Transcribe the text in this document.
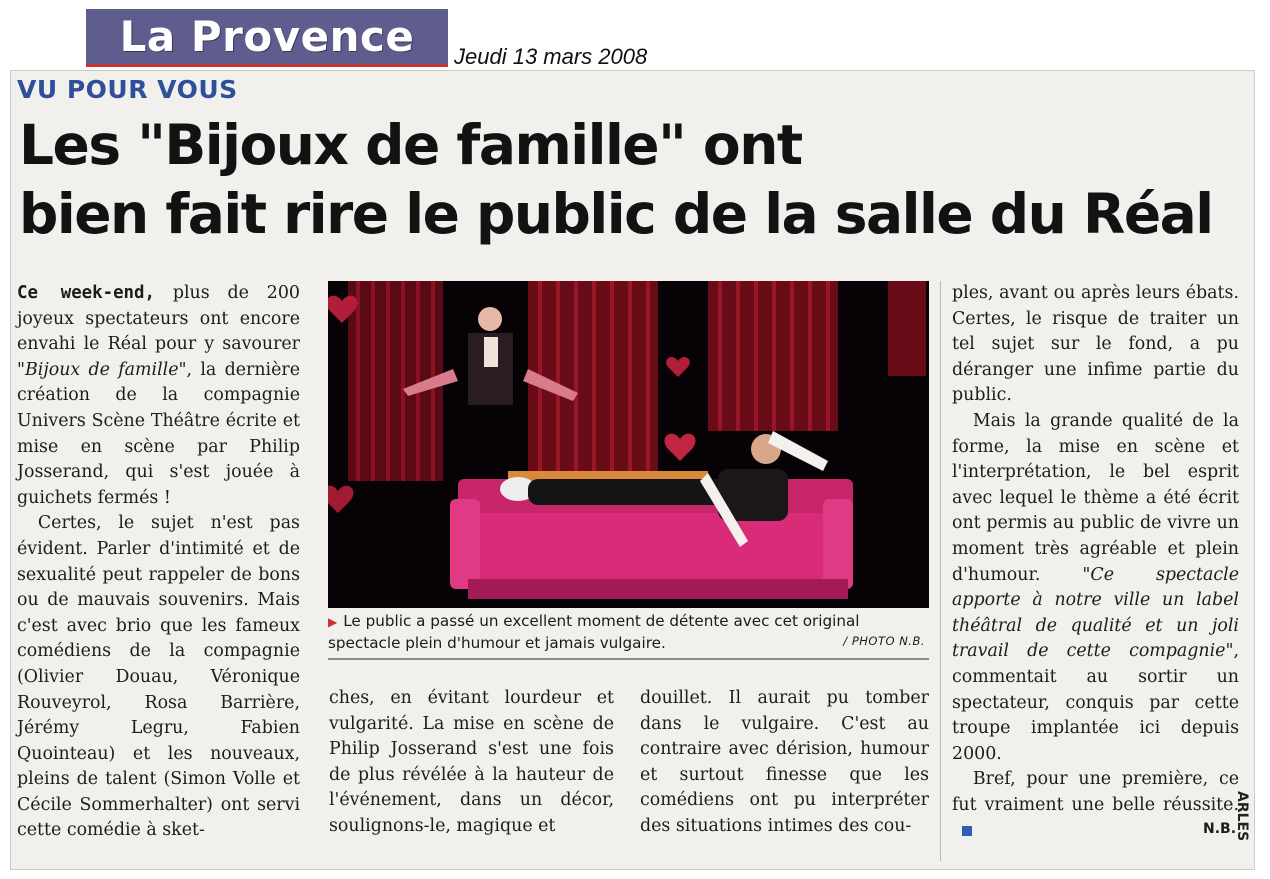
La Provence Jeudi 13 mars 2008
VU POUR VOUS
Les "Bijoux de famille" ont
bien fait rire le public de la salle du Réal

Ce week-end, plus de 200 joyeux spectateurs ont encore envahi le Réal pour y savourer "Bijoux de famille", la dernière création de la compagnie Univers Scène Théâtre écrite et mise en scène par Philip Josserand, qui s'est jouée à guichets fermés !

Certes, le sujet n'est pas évident. Parler d'intimité et de sexualité peut rappeler de bons ou de mauvais souvenirs. Mais c'est avec brio que les fameux comédiens de la compagnie (Olivier Douau, Véronique Rouveyrol, Rosa Barrière, Jérémy Legru, Fabien Quointeau) et les nouveaux, pleins de talent (Simon Volle et Cécile Sommerhalter) ont servi cette comédie à sket-

▶ Le public a passé un excellent moment de détente avec cet original spectacle plein d'humour et jamais vulgaire.	/ PHOTO N.B.

ches, en évitant lourdeur et vulgarité. La mise en scène de Philip Josserand s'est une fois de plus révélée à la hauteur de l'événement, dans un décor, soulignons-le, magique et

douillet. Il aurait pu tomber dans le vulgaire. C'est au contraire avec dérision, humour et surtout finesse que les comédiens ont pu interpréter des situations intimes des cou-

ples, avant ou après leurs ébats. Certes, le risque de traiter un tel sujet sur le fond, a pu déranger une infime partie du public.

Mais la grande qualité de la forme, la mise en scène et l'interprétation, le bel esprit avec lequel le thème a été écrit ont permis au public de vivre un moment très agréable et plein d'humour. "Ce spectacle apporte à notre ville un label théâtral de qualité et un joli travail de cette compagnie", commentait au sortir un spectateur, conquis par cette troupe implantée ici depuis 2000.

Bref, pour une première, ce fut vraiment une belle réussite.

N.B.
ARLES
